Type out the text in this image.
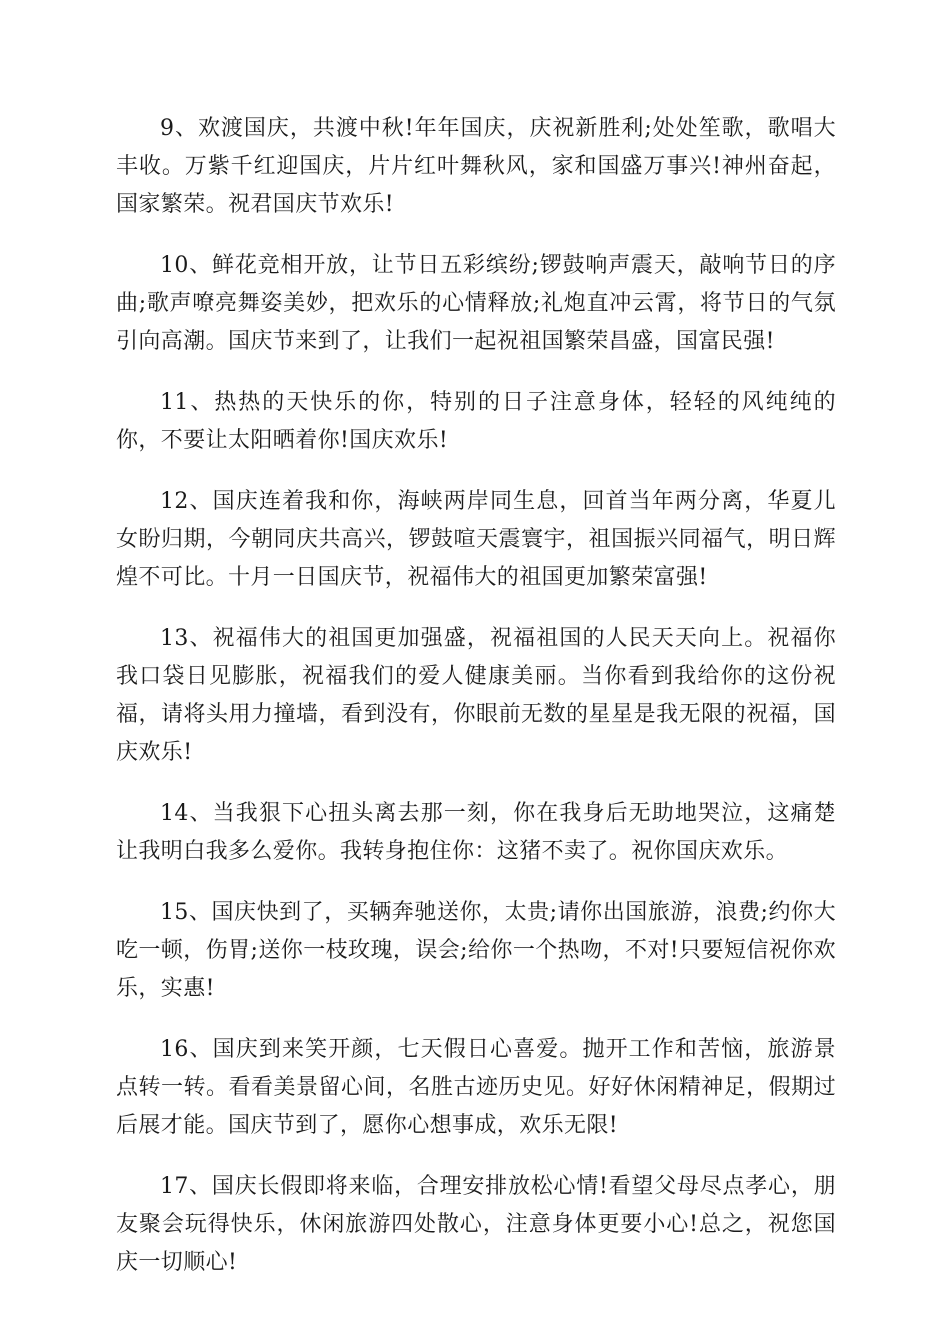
9、欢渡国庆，共渡中秋!年年国庆，庆祝新胜利;处处笙歌，歌唱大丰收。万紫千红迎国庆，片片红叶舞秋风，家和国盛万事兴!神州奋起，国家繁荣。祝君国庆节欢乐!

10、鲜花竞相开放，让节日五彩缤纷;锣鼓响声震天，敲响节日的序曲;歌声嘹亮舞姿美妙，把欢乐的心情释放;礼炮直冲云霄，将节日的气氛引向高潮。国庆节来到了，让我们一起祝祖国繁荣昌盛，国富民强!

11、热热的天快乐的你，特别的日子注意身体，轻轻的风纯纯的你，不要让太阳晒着你!国庆欢乐!

12、国庆连着我和你，海峡两岸同生息，回首当年两分离，华夏儿女盼归期，今朝同庆共高兴，锣鼓喧天震寰宇，祖国振兴同福气，明日辉煌不可比。十月一日国庆节，祝福伟大的祖国更加繁荣富强!

13、祝福伟大的祖国更加强盛，祝福祖国的人民天天向上。祝福你我口袋日见膨胀，祝福我们的爱人健康美丽。当你看到我给你的这份祝福，请将头用力撞墙，看到没有，你眼前无数的星星是我无限的祝福，国庆欢乐!

14、当我狠下心扭头离去那一刻，你在我身后无助地哭泣，这痛楚让我明白我多么爱你。我转身抱住你：这猪不卖了。祝你国庆欢乐。

15、国庆快到了，买辆奔驰送你，太贵;请你出国旅游，浪费;约你大吃一顿，伤胃;送你一枝玫瑰，误会;给你一个热吻，不对!只要短信祝你欢乐，实惠!

16、国庆到来笑开颜，七天假日心喜爱。抛开工作和苦恼，旅游景点转一转。看看美景留心间，名胜古迹历史见。好好休闲精神足，假期过后展才能。国庆节到了，愿你心想事成，欢乐无限!

17、国庆长假即将来临，合理安排放松心情!看望父母尽点孝心，朋友聚会玩得快乐，休闲旅游四处散心，注意身体更要小心!总之，祝您国庆一切顺心!
